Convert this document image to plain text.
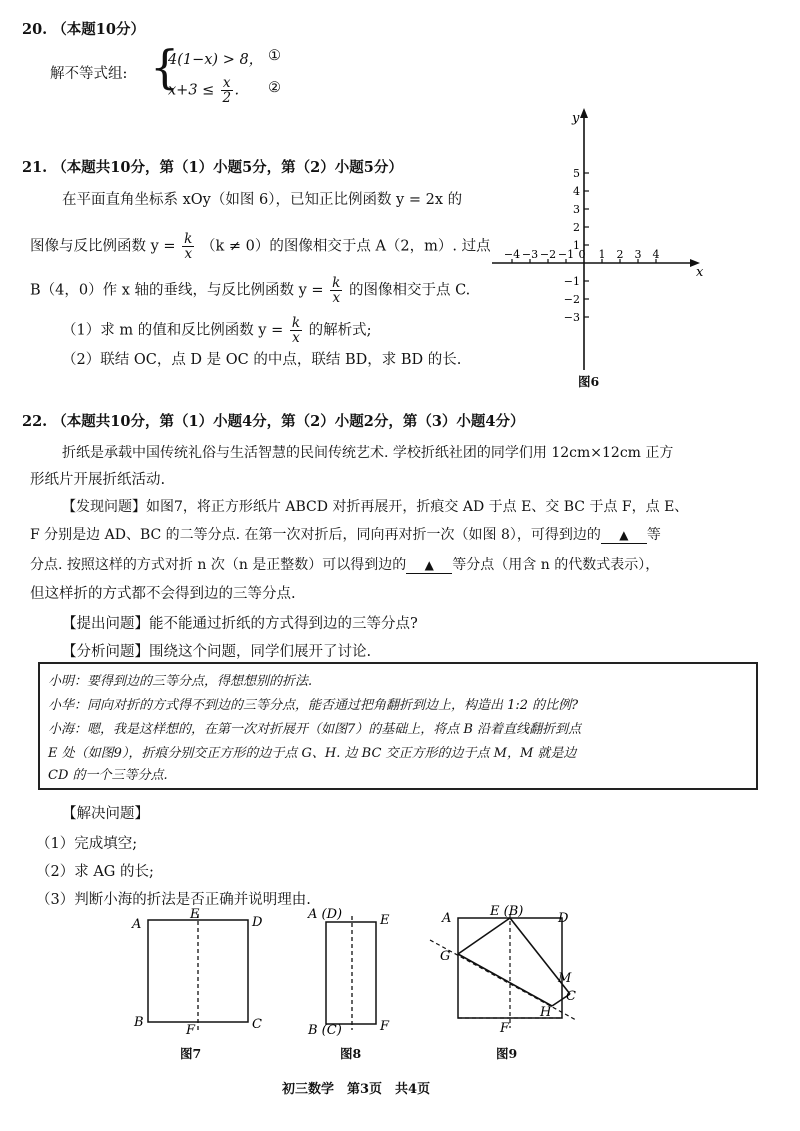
20. （本题10分）
解不等式组: {
4(1−x) > 8， ①
$x+3 \le \frac{x}{2}$ . ②
21. （本题共10分，第（1）小题5分，第（2）小题5分）
在平面直角坐标系 xOy（如图 6），已知正比例函数 y = 2x 的
图像与反比例函数 $y = \frac{k}{x} (k \ne 0)$的图像相交于点 A（2，m）. 过点
B（4，0）作 x 轴的垂线，与反比例函数 $y = \frac{k}{x}$ 的图像相交于点 C.
（1）求 m 的值和反比例函数 $y = \frac{k}{x}$ 的解析式;
（2）联结 OC，点 D 是 OC 的中点，联结 BD，求 BD 的长.
−4 −3 −2 −1 0 1 2 3 4
5
4
3
2
1
−1
−2
−3
y
x
图6
22. （本题共10分，第（1）小题4分，第（2）小题2分，第（3）小题4分）
折纸是承载中国传统礼俗与生活智慧的民间传统艺术. 学校折纸社团的同学们用 12cm×12cm 正方
形纸片开展折纸活动.
【发现问题】如图7，将正方形纸片 ABCD 对折再展开，折痕交 AD 于点 E、交 BC 于点 F，点 E、
F 分别是边 AD、BC 的二等分点. 在第一次对折后，同向再对折一次（如图 8），可得到边的 ▲ 等
分点. 按照这样的方式对折 n 次（n 是正整数）可以得到边的 ▲ 等分点（用含 n 的代数式表示），
但这样折的方式都不会得到边的三等分点.
【提出问题】能不能通过折纸的方式得到边的三等分点?
【分析问题】围绕这个问题，同学们展开了讨论.
小明：要得到边的三等分点，得想想别的折法.
小华：同向对折的方式得不到边的三等分点，能否通过把角翻折到边上，构造出 1:2 的比例?
小海：嗯，我是这样想的，在第一次对折展开（如图7）的基础上，将点 B 沿着直线翻折到点
E 处（如图9），折痕分别交正方形的边于点 G、H. 边 BC 交正方形的边于点 M，M 就是边
CD 的一个三等分点.
【解决问题】
（1）完成填空;
（2）求 AG 的长;
（3）判断小海的折法是否正确并说明理由.
A
E
D
B
F	C
图7
A (D)	E
B (C)	F
图8
A	E (B)	D
G
M
C
H
F
图9
初三数学　第3页　共4页
